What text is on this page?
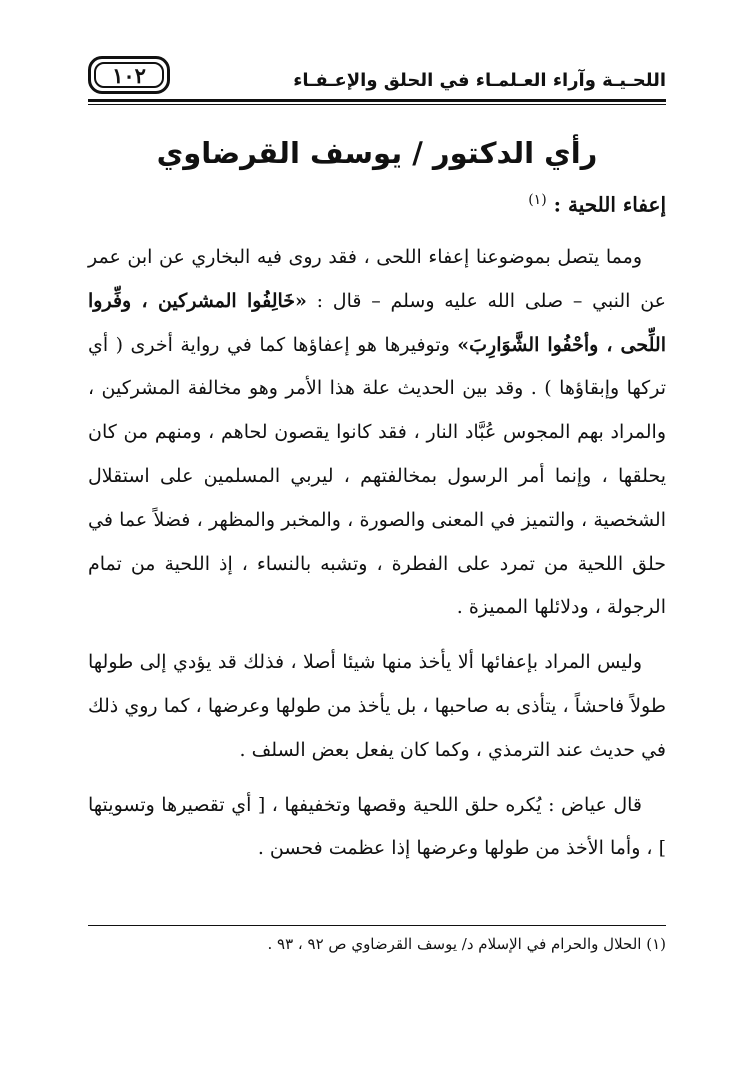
اللحـيـة وآراء العـلمـاء في الحلق والإعـفـاء
١٠٢
رأي الدكتور / يوسف القرضاوي
إعفاء اللحية : $^{(١)}$

ومما يتصل بموضوعنا إعفاء اللحى ، فقد روى فيه البخاري عن ابن عمر عن النبي – صلى الله عليه وسلم – قال : «خَالِفُوا المشركين ، وفِّروا اللِّحى ، وأحْفُوا الشَّوَارِبَ» وتوفيرها هو إعفاؤها كما في رواية أخرى ( أي تركها وإبقاؤها ) . وقد بين الحديث علة هذا الأمر وهو مخالفة المشركين ، والمراد بهم المجوس عُبَّاد النار ، فقد كانوا يقصون لحاهم ، ومنهم من كان يحلقها ، وإنما أمر الرسول بمخالفتهم ، ليربي المسلمين على استقلال الشخصية ، والتميز في المعنى والصورة ، والمخبر والمظهر ، فضلاً عما في حلق اللحية من تمرد على الفطرة ، وتشبه بالنساء ، إذ اللحية من تمام الرجولة ، ودلائلها المميزة .

وليس المراد بإعفائها ألا يأخذ منها شيئا أصلا ، فذلك قد يؤدي إلى طولها طولاً فاحشاً ، يتأذى به صاحبها ، بل يأخذ من طولها وعرضها ، كما روي ذلك في حديث عند الترمذي ، وكما كان يفعل بعض السلف .

قال عياض : يُكره حلق اللحية وقصها وتخفيفها ، [ أي تقصيرها وتسويتها ] ، وأما الأخذ من طولها وعرضها إذا عظمت فحسن .

(١) الحلال والحرام في الإسلام د/ يوسف القرضاوي ص ٩٢ ، ٩٣ .
